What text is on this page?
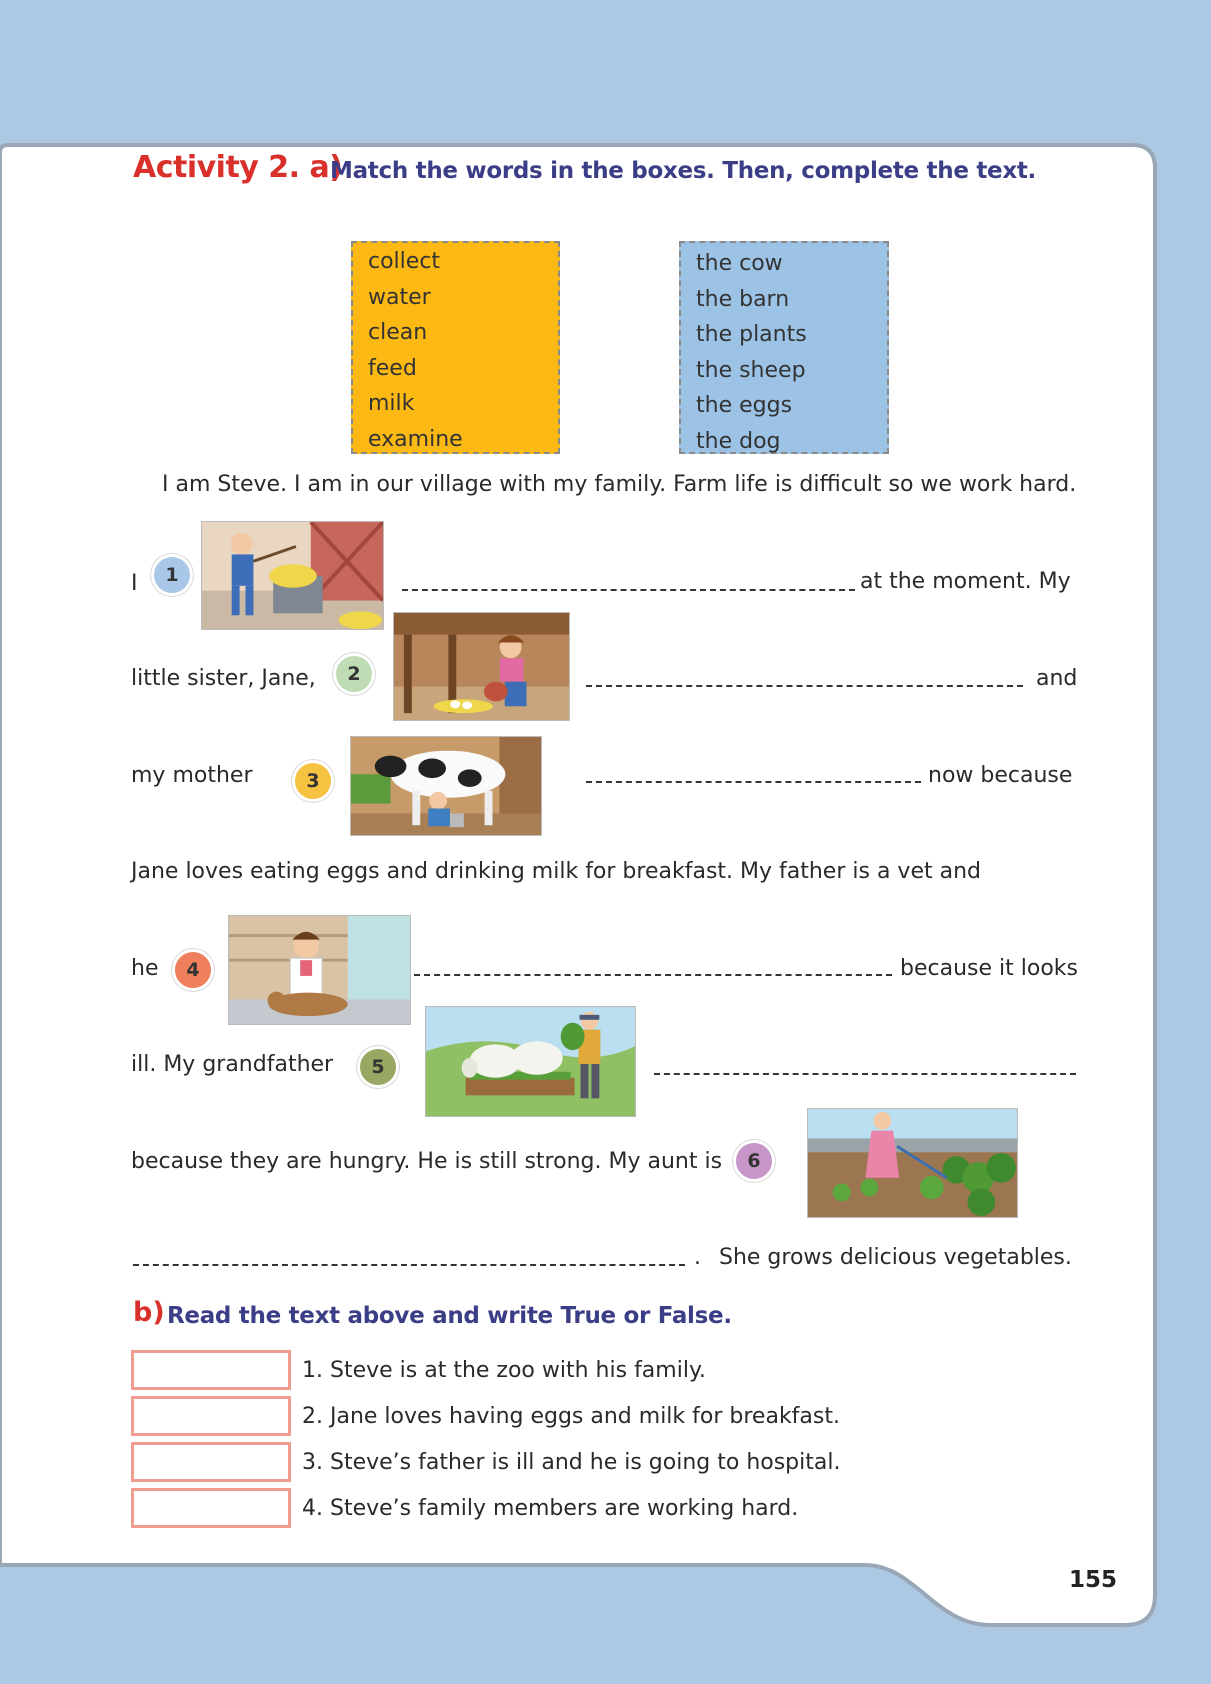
Activity 2. a)
Match the words in the boxes. Then, complete the text.
collect
water
clean
feed
milk
examine
the cow
the barn
the plants
the sheep
the eggs
the dog
I am Steve. I am in our village with my family. Farm life is difficult so we work hard.
I	1	at the moment. My
little sister, Jane,	2	and
my mother	3	now because
Jane loves eating eggs and drinking milk for breakfast. My father is a vet and
he	4	because it looks
ill. My grandfather	5
because they are hungry. He is still strong. My aunt is	6
. She grows delicious vegetables.
b) Read the text above and write True or False.
1. Steve is at the zoo with his family.
2. Jane loves having eggs and milk for breakfast.
3. Steve’s father is ill and he is going to hospital.
4. Steve’s family members are working hard.
155
